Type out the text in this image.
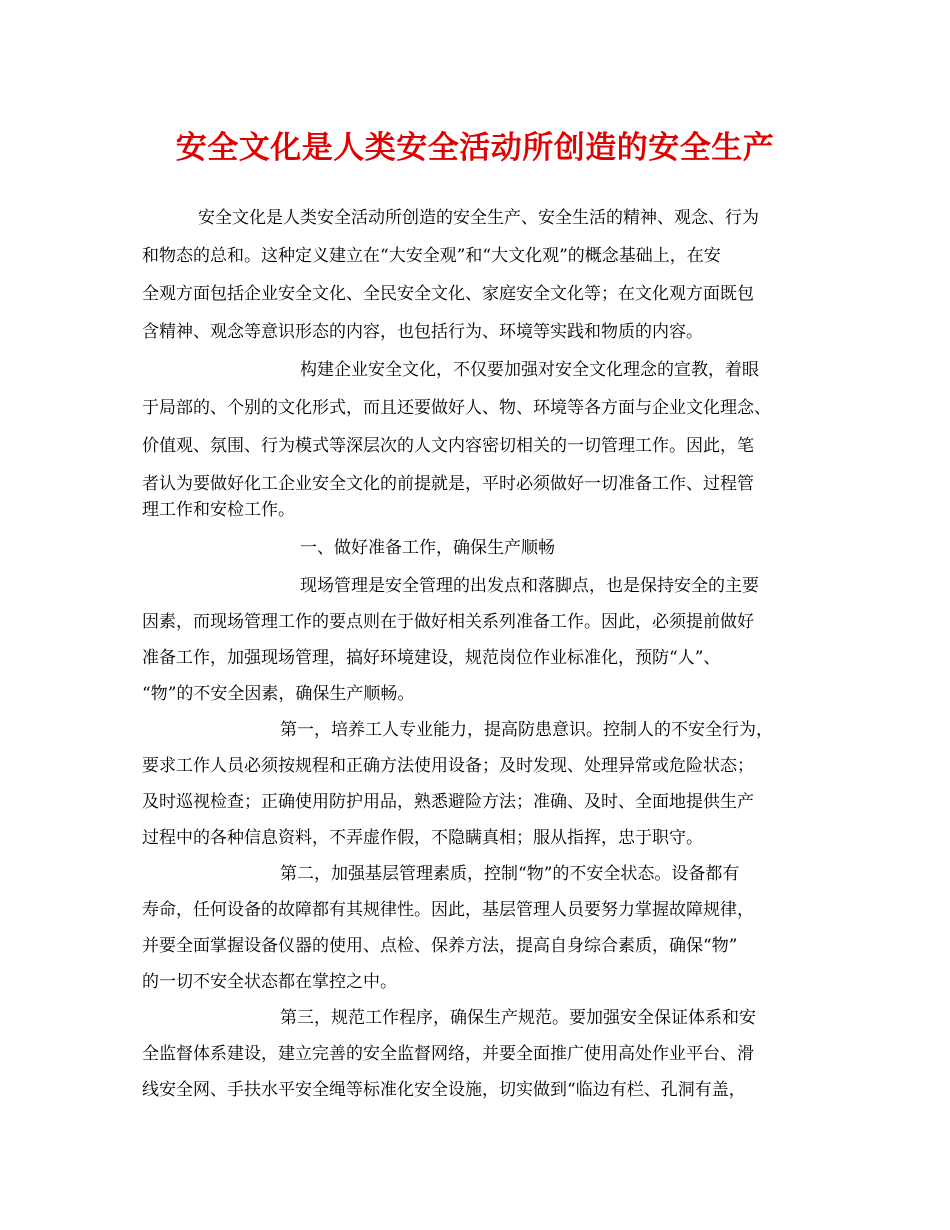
安全文化是人类安全活动所创造的安全生产
安全文化是人类安全活动所创造的安全生产、安全生活的精神、观念、行为
和物态的总和。这种定义建立在“大安全观”和“大文化观”的概念基础上，在安
全观方面包括企业安全文化、全民安全文化、家庭安全文化等；在文化观方面既包
含精神、观念等意识形态的内容，也包括行为、环境等实践和物质的内容。
构建企业安全文化，不仅要加强对安全文化理念的宣教，着眼
于局部的、个别的文化形式，而且还要做好人、物、环境等各方面与企业文化理念、
价值观、氛围、行为模式等深层次的人文内容密切相关的一切管理工作。因此，笔
者认为要做好化工企业安全文化的前提就是，平时必须做好一切准备工作、过程管
理工作和安检工作。
一、做好准备工作，确保生产顺畅
现场管理是安全管理的出发点和落脚点，也是保持安全的主要
因素，而现场管理工作的要点则在于做好相关系列准备工作。因此，必须提前做好
准备工作，加强现场管理，搞好环境建设，规范岗位作业标准化，预防“人”、
“物”的不安全因素，确保生产顺畅。
第一，培养工人专业能力，提高防患意识。控制人的不安全行为，
要求工作人员必须按规程和正确方法使用设备；及时发现、处理异常或危险状态；
及时巡视检查；正确使用防护用品，熟悉避险方法；准确、及时、全面地提供生产
过程中的各种信息资料，不弄虚作假，不隐瞒真相；服从指挥，忠于职守。
第二，加强基层管理素质，控制“物”的不安全状态。设备都有
寿命，任何设备的故障都有其规律性。因此，基层管理人员要努力掌握故障规律，
并要全面掌握设备仪器的使用、点检、保养方法，提高自身综合素质，确保“物”
的一切不安全状态都在掌控之中。
第三，规范工作程序，确保生产规范。要加强安全保证体系和安
全监督体系建设，建立完善的安全监督网络，并要全面推广使用高处作业平台、滑
线安全网、手扶水平安全绳等标准化安全设施，切实做到“临边有栏、孔洞有盖，
